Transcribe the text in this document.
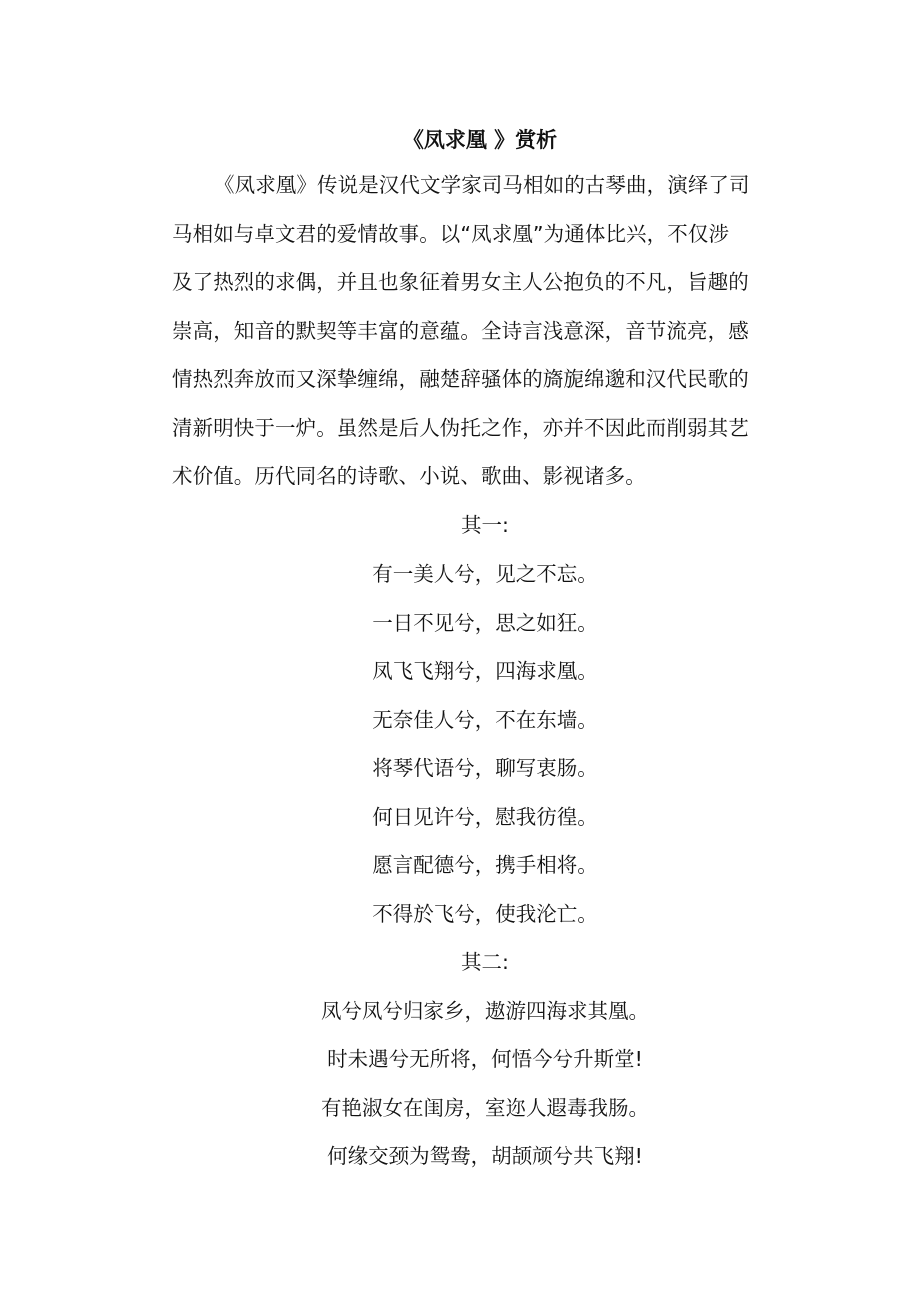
《凤求凰 》赏析
《凤求凰》传说是汉代文学家司马相如的古琴曲，演绎了司
马相如与卓文君的爱情故事。以“凤求凰”为通体比兴，不仅涉
及了热烈的求偶，并且也象征着男女主人公抱负的不凡，旨趣的
崇高，知音的默契等丰富的意蕴。全诗言浅意深，音节流亮，感
情热烈奔放而又深挚缠绵，融楚辞骚体的旖旎绵邈和汉代民歌的
清新明快于一炉。虽然是后人伪托之作，亦并不因此而削弱其艺
术价值。历代同名的诗歌、小说、歌曲、影视诸多。
其一:
有一美人兮，见之不忘。
一日不见兮，思之如狂。
凤飞飞翔兮，四海求凰。
无奈佳人兮，不在东墙。
将琴代语兮，聊写衷肠。
何日见许兮，慰我彷徨。
愿言配德兮，携手相将。
不得於飞兮，使我沦亡。
其二:
凤兮凤兮归家乡，遨游四海求其凰。
时未遇兮无所将，何悟今兮升斯堂!
有艳淑女在闺房，室迩人遐毒我肠。
何缘交颈为鸳鸯，胡颉颃兮共飞翔!
